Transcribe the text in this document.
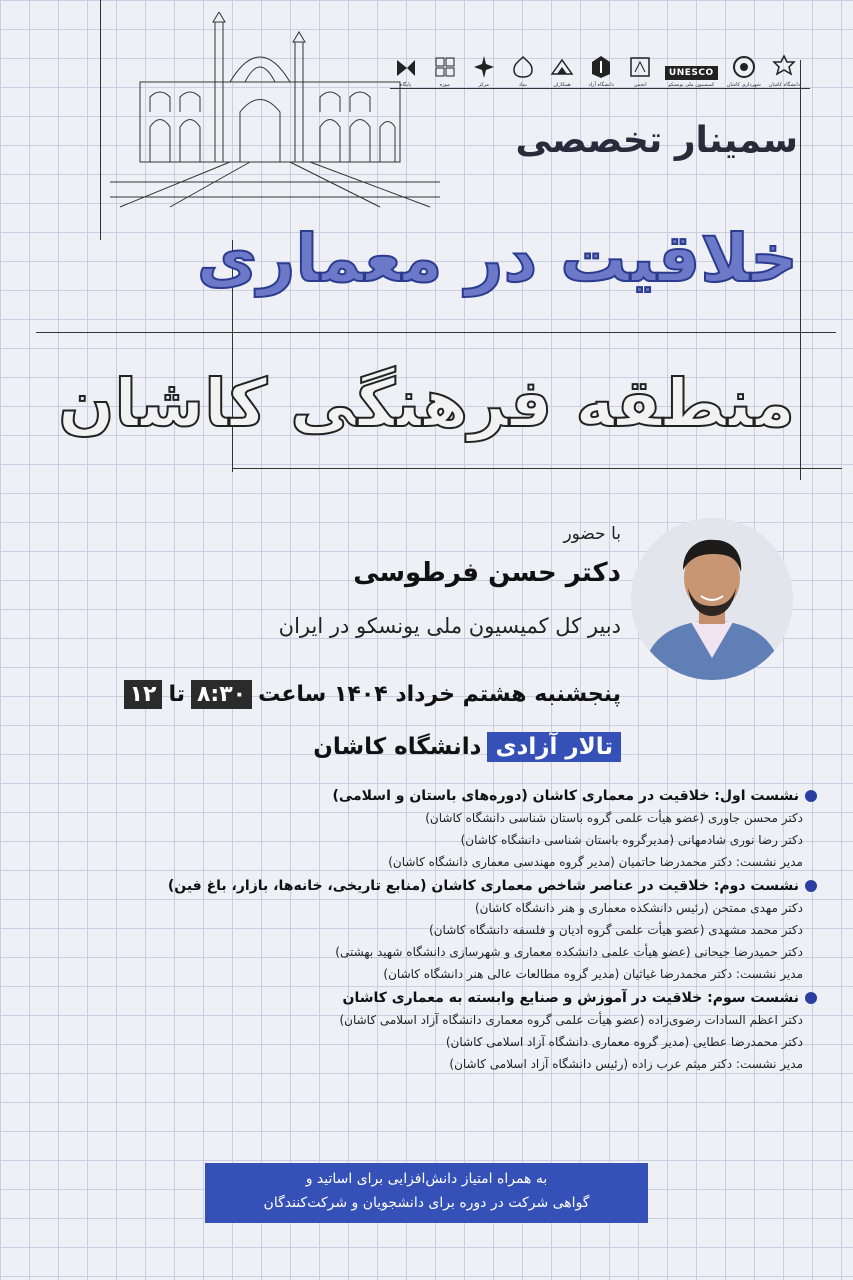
دانشگاه کاشان
شهرداری کاشان
UNESCO
کمیسیون ملی یونسکو
انجمن
دانشگاه آزاد
همکاران
بنیاد
مرکز
موزه
پایگاه
سمینار تخصصی
خلاقیت در معماری
منطقه فرهنگی کاشان
با حضور
دکتر حسن فرطوسی
دبیر کل کمیسیون ملی یونسکو در ایران
پنجشنبه هشتم خرداد ۱۴۰۴ ساعت
۸:۳۰
تا
۱۲
تالار آزادی
دانشگاه کاشان
نشست اول: خلاقیت در معماری کاشان (دوره‌های باستان و اسلامی)
دکتر محسن جاوری (عضو هیأت علمی گروه باستان شناسی دانشگاه کاشان)
دکتر رضا نوری شادمهانی (مدیرگروه باستان شناسی دانشگاه کاشان)
مدیر نشست: دکتر محمدرضا حاتمیان (مدیر گروه مهندسی معماری دانشگاه کاشان)
نشست دوم: خلاقیت در عناصر شاخص معماری کاشان (منابع تاریخی، خانه‌ها، بازار، باغ فین)
دکتر مهدی ممتحن (رئیس دانشکده معماری و هنر دانشگاه کاشان)
دکتر محمد مشهدی (عضو هیأت علمی گروه ادیان و فلسفه دانشگاه کاشان)
دکتر حمیدرضا جیحانی (عضو هیأت علمی دانشکده معماری و شهرسازی دانشگاه شهید بهشتی)
مدیر نشست: دکتر محمدرضا غیاثیان (مدیر گروه مطالعات عالی هنر دانشگاه کاشان)
نشست سوم: خلاقیت در آموزش و صنایع وابسته به معماری کاشان
دکتر اعظم السادات رضوی‌زاده (عضو هیأت علمی گروه معماری دانشگاه آزاد اسلامی کاشان)
دکتر محمدرضا عطایی (مدیر گروه معماری دانشگاه آزاد اسلامی کاشان)
مدیر نشست: دکتر میثم عرب زاده (رئیس دانشگاه آزاد اسلامی کاشان)
به همراه امتیاز دانش‌افزایی برای اساتید و
گواهی شرکت در دوره برای دانشجویان و شرکت‌کنندگان
